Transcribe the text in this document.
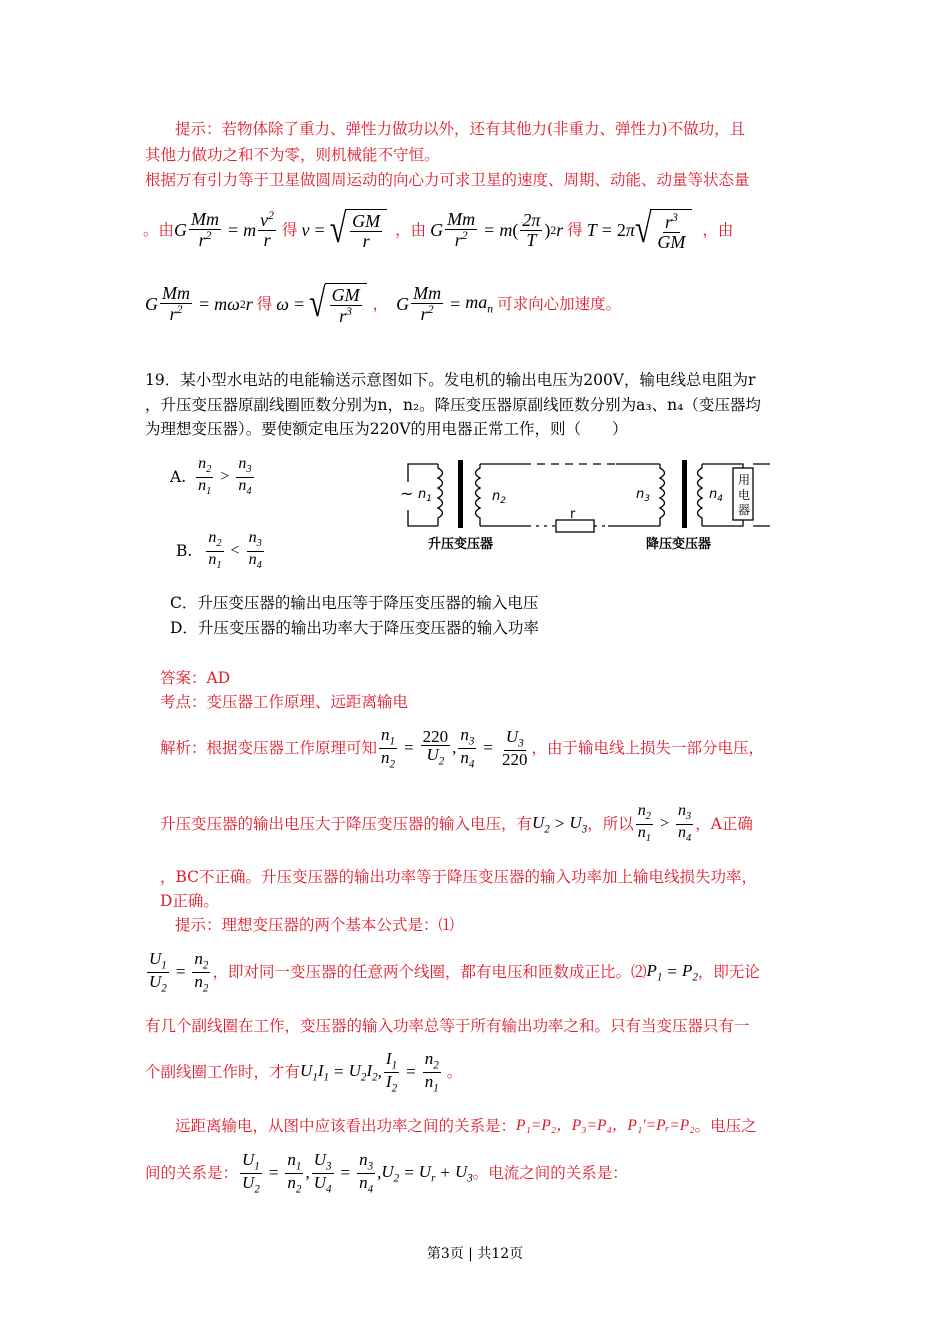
提示：若物体除了重力、弹性力做功以外，还有其他力(非重力、弹性力)不做功，且
其他力做功之和不为零，则机械能不守恒。
根据万有引力等于卫星做圆周运动的向心力可求卫星的速度、周期、动能、动量等状态量
。由 G $\frac{Mm}{r^2} = m \frac{v^2}{r}$ 得 v = √ $\frac{GM}{r}$ ，由 G $\frac{Mm}{r^2} = m$ ( $\frac{2\pi}{T}$ ) 2 r 得 T = 2 π √ $\frac{r^3}{GM}$ ，由
G $\frac{Mm}{r^2} = m\omega$ 2 r 得 ω = √ $\frac{GM}{r^3}$ ， G $\frac{Mm}{r^2} = ma_n$ 可求向心加速度。
19．某小型水电站的电能输送示意图如下。发电机的输出电压为200V，输电线总电阻为r
，升压变压器原副线圈匝数分别为n，n₂。降压变压器原副线匝数分别为a₃、n₄（变压器均
为理想变压器）。要使额定电压为220V的用电器正常工作，则（　　）
A. $\frac{n_2}{n_1} > \frac{n_3}{n_4}$
B. $\frac{n_2}{n_1} < \frac{n_3}{n_4}$
C．升压变压器的输出电压等于降压变压器的输入电压
D．升压变压器的输出功率大于降压变压器的输入功率
~ $n_1$	$n_2$	$n_3$	$n_4$
r
用
电
器
升压变压器	降压变压器
答案：AD
考点：变压器工作原理、远距离输电
解析：根据变压器工作原理可知 $\frac{n_1}{n_2} = \frac{220}{U_2}$ , $\frac{n_3}{n_4} = \frac{U_3}{220}$ ，由于输电线上损失一部分电压，
升压变压器的输出电压大于降压变压器的输入电压，有 $U_2 > U_3$ ，所以 $\frac{n_2}{n_1} > \frac{n_3}{n_4}$ ，A正确
，BC不正确。升压变压器的输出功率等于降压变压器的输入功率加上输电线损失功率，
D正确。
提示：理想变压器的两个基本公式是：⑴
$\frac{U_1}{U_2} = \frac{n_2}{n_2}$ ，即对同一变压器的任意两个线圈，都有电压和匝数成正比。⑵ $P_1 = P_2$ ，即无论
有几个副线圈在工作，变压器的输入功率总等于所有输出功率之和。只有当变压器只有一
个副线圈工作时，才有 $U_1I_1 = U_2I_2$ , $\frac{I_1}{I_2} = \frac{n_2}{n_1}$ 。
远距离输电，从图中应该看出功率之间的关系是： P₁=P₂，P₃=P₄，P₁′=Pᵣ=P₂ 。电压之
间的关系是： $\frac{U_1}{U_2} = \frac{n_1}{n_2}$ , $\frac{U_3}{U_4} = \frac{n_3}{n_4}$ , $U_2 = U_r + U_3$ 。电流之间的关系是：
第3页 | 共12页
